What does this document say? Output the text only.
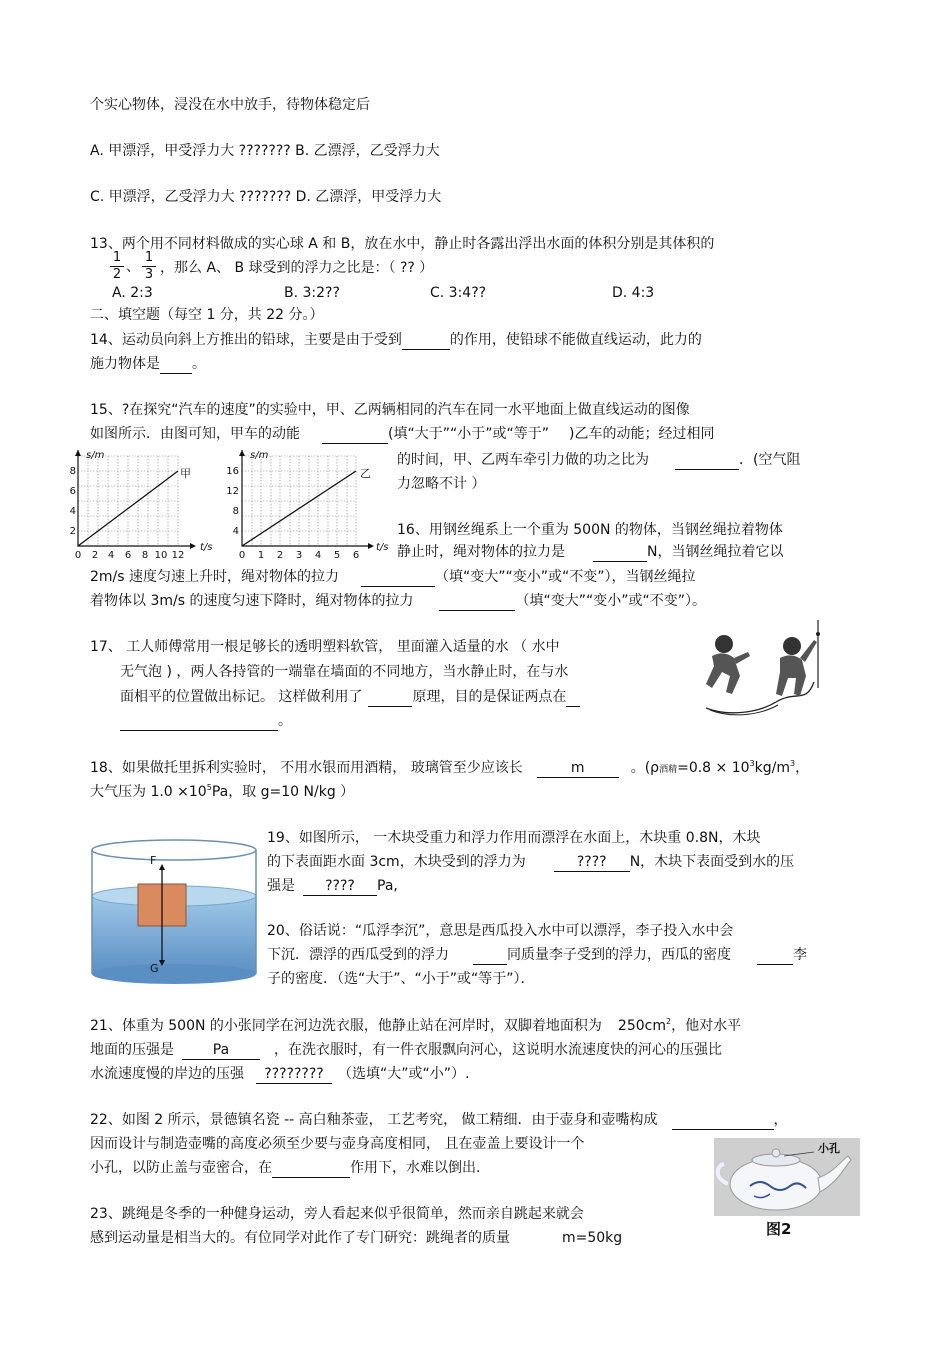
个实心物体，浸没在水中放手，待物体稳定后
A. 甲漂浮，甲受浮力大 ??????? B. 乙漂浮，乙受浮力大
C. 甲漂浮，乙受浮力大 ??????? D. 乙漂浮，甲受浮力大
13、两个用不同材料做成的实心球 A 和 B，放在水中，静止时各露出浮出水面的体积分别是其体积的
$\frac{1}{2}$ 、 $\frac{1}{3}$ ，那么 A、 B 球受到的浮力之比是：（ ?? ）
A. 2:3	B. 3:2??	C. 3:4??	D. 4:3
二、填空题（每空 1 分，共 22 分。）
14、运动员向斜上方推出的铅球，主要是由于受到	的作用，使铅球不能做直线运动，此力的
施力物体是 。
15、?在探究“汽车的速度”的实验中，甲、乙两辆相同的汽车在同一水平地面上做直线运动的图像
如图所示．由图可知，甲车的动能	(填“大于”“小于”或“等于” )乙车的动能；经过相同
的时间，甲、乙两车牵引力做的功之比为	．(空气阻
力忽略不计 ）
s/m
t/s
甲
8
6
4
2
0 2 4 6 8 10 12
s/m
t/s
乙
16
12
8
4
0 1 2 3 4 5 6
16、用钢丝绳系上一个重为 500N 的物体，当钢丝绳拉着物体
静止时，绳对物体的拉力是	N，当钢丝绳拉着它以
2m/s 速度匀速上升时，绳对物体的拉力	（填“变大”“变小”或“不变”），当钢丝绳拉
着物体以 3m/s 的速度匀速下降时，绳对物体的拉力	（填“变大”“变小”或“不变”）。
17、 工人师傅常用一根足够长的透明塑料软管， 里面灌入适量的水 （ 水中
无气泡 ) ，两人各持管的一端靠在墙面的不同地方，当水静止时，在与水
面相平的位置做出标记。 这样做利用了	原理，目的是保证两点在
。
18、如果做托里拆利实验时， 不用水银而用酒精， 玻璃管至少应该长	m	。(ρ酒精$=0.8 \times 10^3kg/m^3$，
大气压为 $1.0 \times 10^5Pa$，取 g=10 N/kg ）
19、如图所示， 一木块受重力和浮力作用而漂浮在水面上，木块重 0.8N，木块
的下表面距水面 3cm，木块受到的浮力为	???? N，木块下表面受到水的压
强是 ???? Pa,
F
G
20、俗话说：“瓜浮李沉”，意思是西瓜投入水中可以漂浮，李子投入水中会
下沉．漂浮的西瓜受到的浮力	同质量李子受到的浮力，西瓜的密度	李
子的密度．（选“大于”、“小于”或“等于”）．
21、体重为 500N 的小张同学在河边洗衣服，他静止站在河岸时，双脚着地面积为 $250cm^2$，他对水平
地面的压强是	Pa	，在洗衣服时，有一件衣服飘向河心，这说明水流速度快的河心的压强比
水流速度慢的岸边的压强 ???????? （选填“大”或“小”）.
22、如图 2 所示，景德镇名瓷 -- 高白釉茶壶， 工艺考究， 做工精细．由于壶身和壶嘴构成	，
因而设计与制造壶嘴的高度必须至少要与壶身高度相同， 且在壶盖上要设计一个
小孔，以防止盖与壶密合，在	作用下，水难以倒出.
小孔
图2
23、跳绳是冬季的一种健身运动，旁人看起来似乎很简单，然而亲自跳起来就会
感到运动量是相当大的。有位同学对此作了专门研究：跳绳者的质量	m=50kg
